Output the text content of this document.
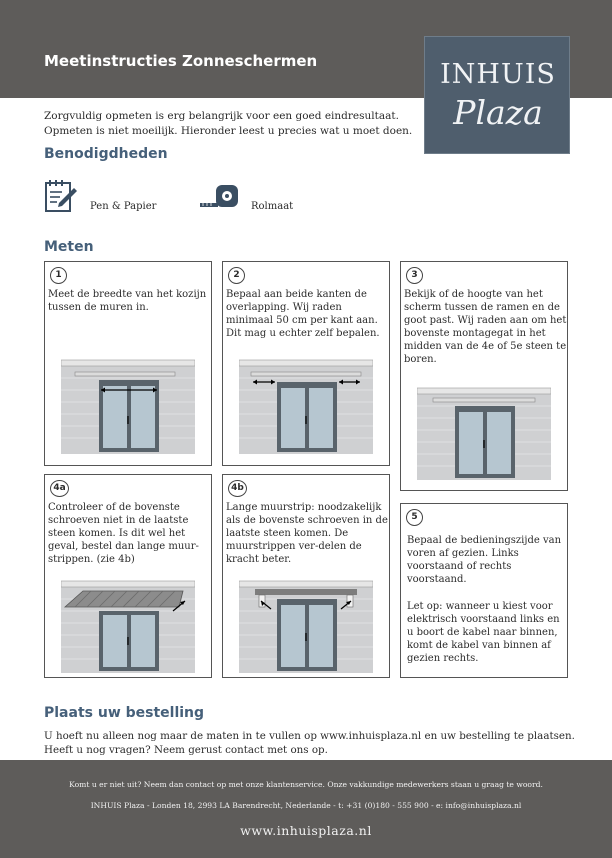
Meetinstructies Zonneschermen	INHUIS
Plaza
Zorgvuldig opmeten is erg belangrijk voor een goed eindresultaat. Opmeten is niet moeilijk. Hieronder leest u precies wat u moet doen.
Benodigdheden
Pen & Papier	Rolmaat
Meten
1
Meet de breedte van het kozijn tussen de muren in.
2
Bepaal aan beide kanten de overlapping. Wij raden minimaal 50 cm per kant aan. Dit mag u echter zelf bepalen.
3
Bekijk of de hoogte van het scherm tussen de ramen en de goot past. Wij raden aan om het bovenste montagegat in het midden van de 4e of 5e steen te boren.
4a
Controleer of de bovenste schroeven niet in de laatste steen komen. Is dit wel het geval, bestel dan lange muur-strippen. (zie 4b)
4b
Lange muurstrip: noodzakelijk als de bovenste schroeven in de laatste steen komen. De muurstrippen ver-delen de kracht beter.
5
Bepaal de bedieningszijde van voren af gezien. Links voorstaand of rechts voorstaand.
Let op: wanneer u kiest voor elektrisch voorstaand links en u boort de kabel naar binnen, komt de kabel van binnen af gezien rechts.
Plaats uw bestelling
U hoeft nu alleen nog maar de maten in te vullen op www.inhuisplaza.nl en uw bestelling te plaatsen. Heeft u nog vragen? Neem gerust contact met ons op.
Komt u er niet uit? Neem dan contact op met onze klantenservice. Onze vakkundige medewerkers staan u graag te woord.
INHUIS Plaza - Londen 18, 2993 LA Barendrecht, Nederlande - t: +31 (0)180 - 555 900 - e: info@inhuisplaza.nl
www.inhuisplaza.nl
